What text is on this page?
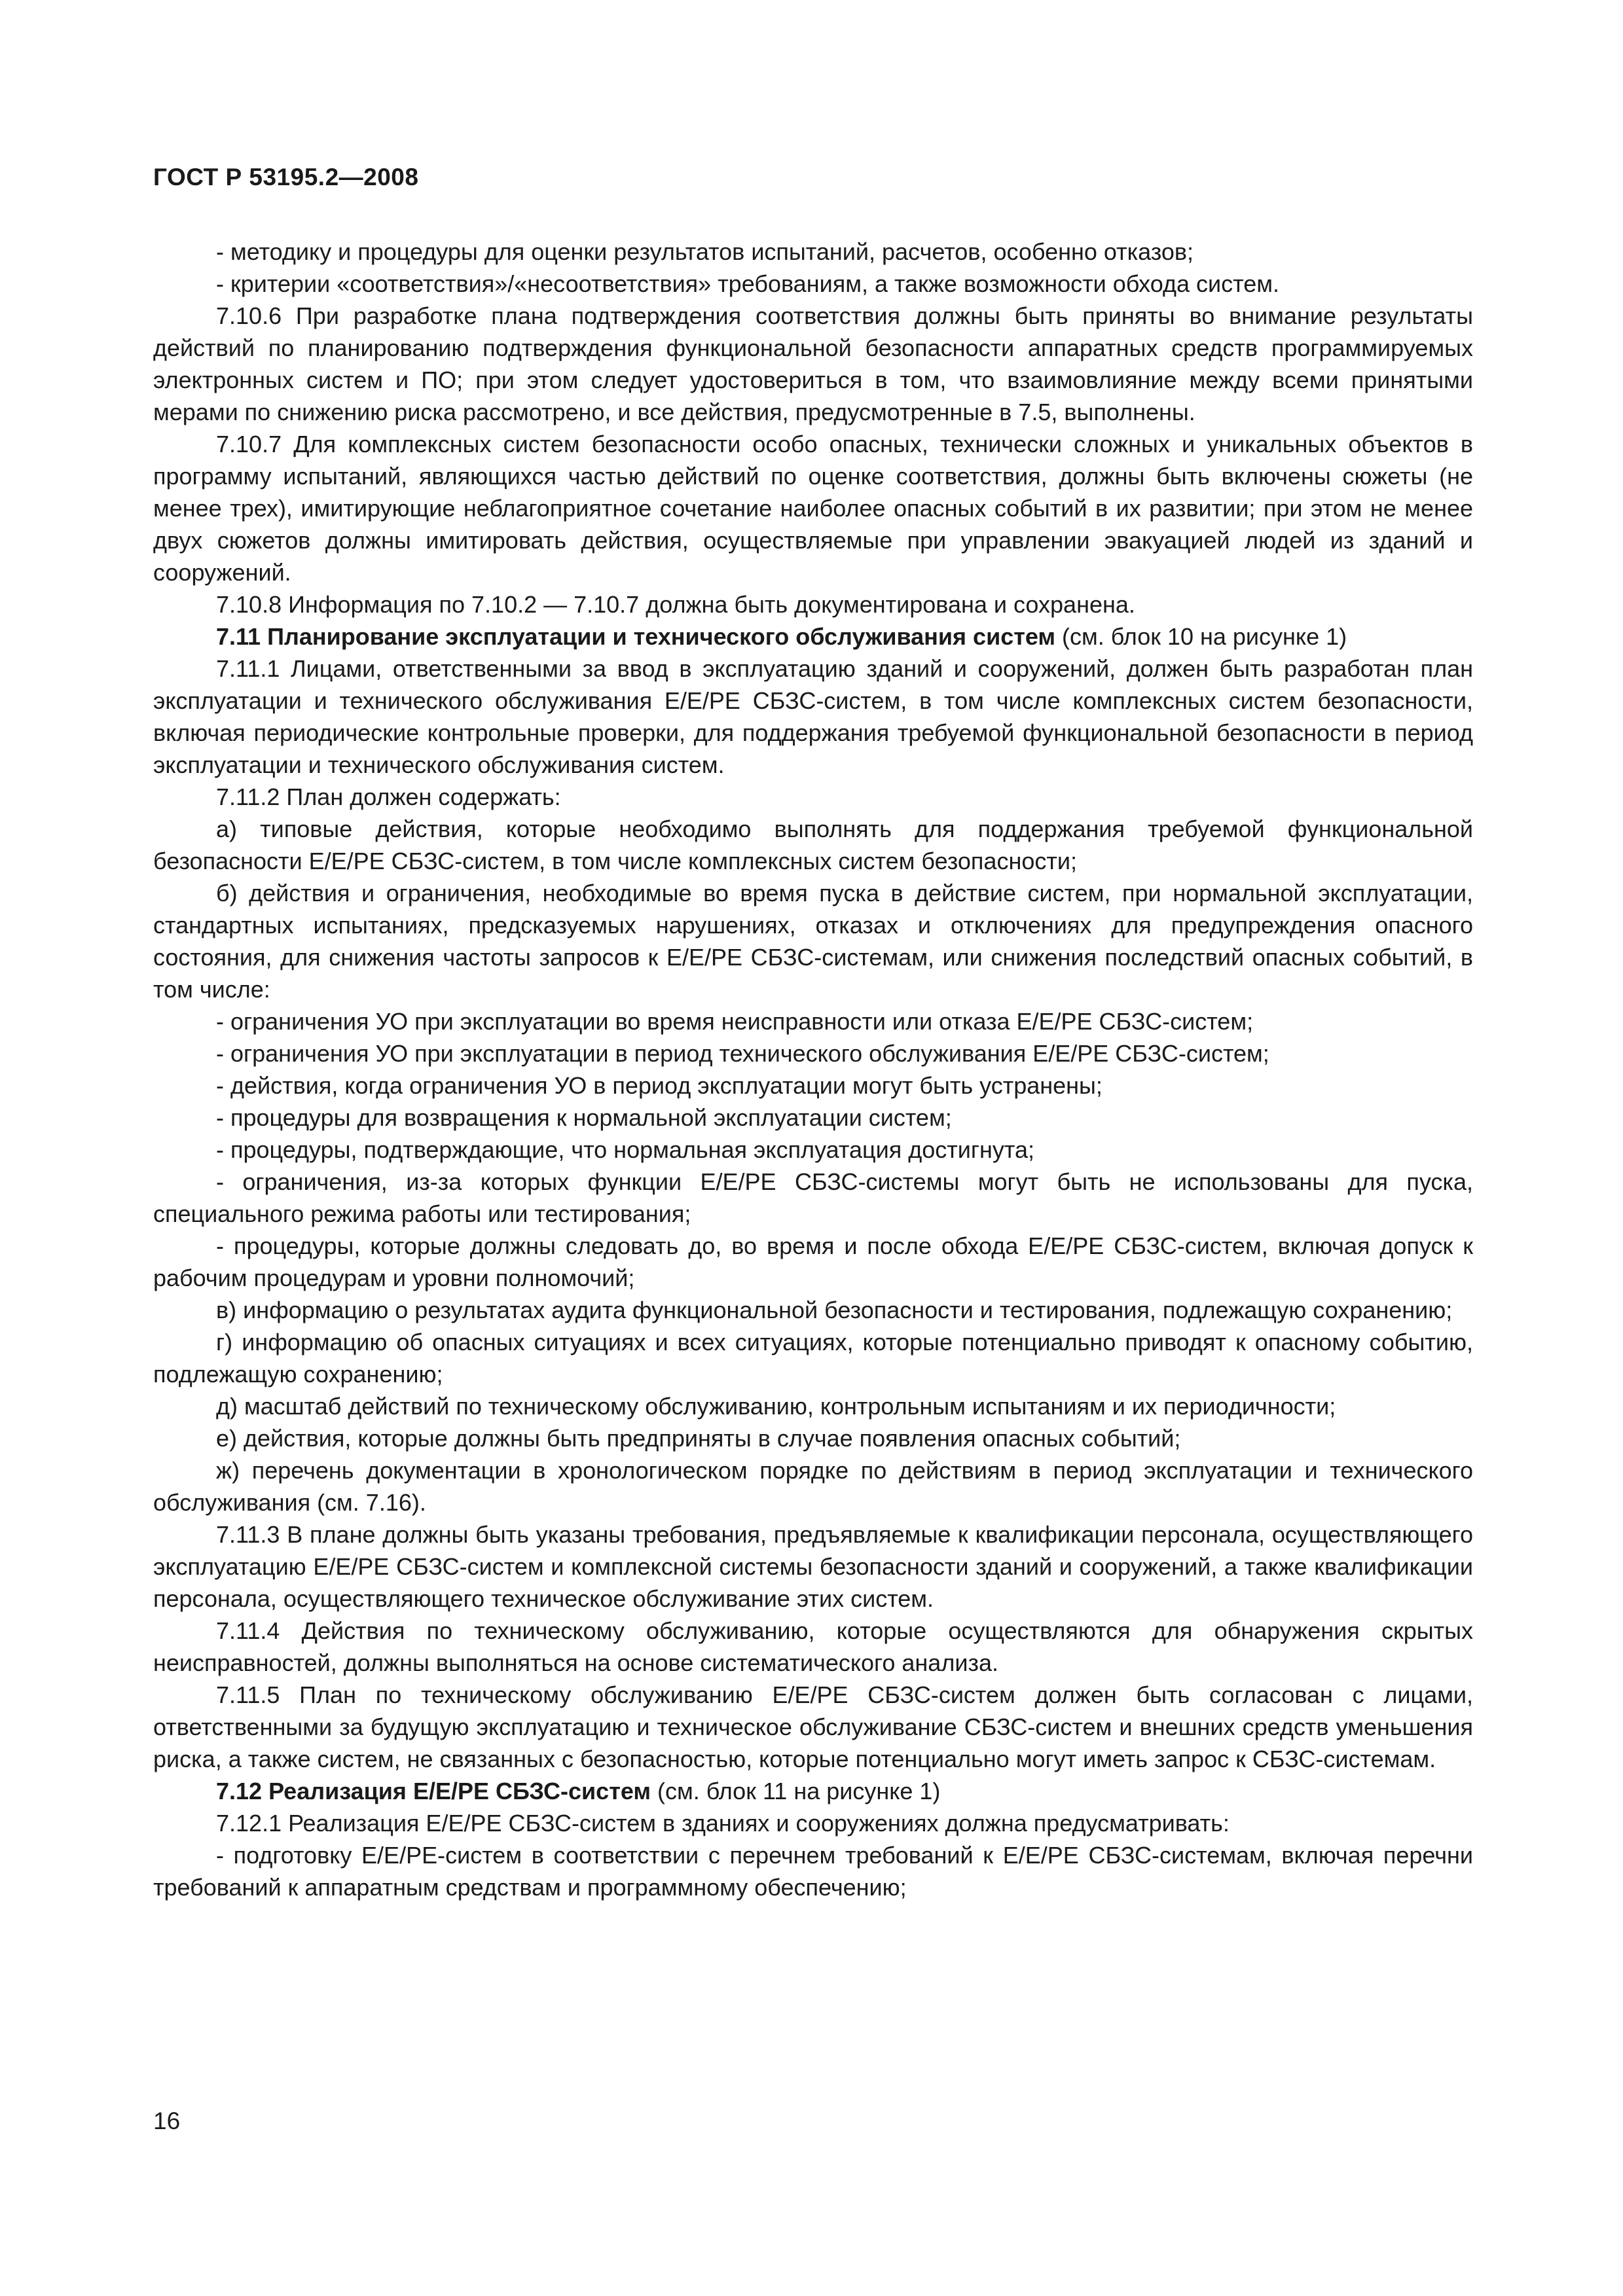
ГОСТ Р 53195.2—2008

- методику и процедуры для оценки результатов испытаний, расчетов, особенно отказов;

- критерии «соответствия»/«несоответствия» требованиям, а также возможности обхода систем.

7.10.6 При разработке плана подтверждения соответствия должны быть приняты во внимание результаты действий по планированию подтверждения функциональной безопасности аппаратных средств программируемых электронных систем и ПО; при этом следует удостовериться в том, что взаимовлияние между всеми принятыми мерами по снижению риска рассмотрено, и все действия, предусмотренные в 7.5, выполнены.

7.10.7 Для комплексных систем безопасности особо опасных, технически сложных и уникальных объектов в программу испытаний, являющихся частью действий по оценке соответствия, должны быть включены сюжеты (не менее трех), имитирующие неблагоприятное сочетание наиболее опасных событий в их развитии; при этом не менее двух сюжетов должны имитировать действия, осуществляемые при управлении эвакуацией людей из зданий и сооружений.

7.10.8 Информация по 7.10.2 — 7.10.7 должна быть документирована и сохранена.

7.11 Планирование эксплуатации и технического обслуживания систем (см. блок 10 на рисунке 1)

7.11.1 Лицами, ответственными за ввод в эксплуатацию зданий и сооружений, должен быть разработан план эксплуатации и технического обслуживания Е/Е/РЕ СБЗС-систем, в том числе комплексных систем безопасности, включая периодические контрольные проверки, для поддержания требуемой функциональной безопасности в период эксплуатации и технического обслуживания систем.

7.11.2 План должен содержать:

а) типовые действия, которые необходимо выполнять для поддержания требуемой функциональной безопасности Е/Е/РЕ СБЗС-систем, в том числе комплексных систем безопасности;

б) действия и ограничения, необходимые во время пуска в действие систем, при нормальной эксплуатации, стандартных испытаниях, предсказуемых нарушениях, отказах и отключениях для предупреждения опасного состояния, для снижения частоты запросов к Е/Е/РЕ СБЗС-системам, или снижения последствий опасных событий, в том числе:

- ограничения УО при эксплуатации во время неисправности или отказа Е/Е/РЕ СБЗС-систем;

- ограничения УО при эксплуатации в период технического обслуживания Е/Е/РЕ СБЗС-систем;

- действия, когда ограничения УО в период эксплуатации могут быть устранены;

- процедуры для возвращения к нормальной эксплуатации систем;

- процедуры, подтверждающие, что нормальная эксплуатация достигнута;

- ограничения, из-за которых функции Е/Е/РЕ СБЗС-системы могут быть не использованы для пуска, специального режима работы или тестирования;

- процедуры, которые должны следовать до, во время и после обхода Е/Е/РЕ СБЗС-систем, включая допуск к рабочим процедурам и уровни полномочий;

в) информацию о результатах аудита функциональной безопасности и тестирования, подлежащую сохранению;

г) информацию об опасных ситуациях и всех ситуациях, которые потенциально приводят к опасному событию, подлежащую сохранению;

д) масштаб действий по техническому обслуживанию, контрольным испытаниям и их периодичности;

е) действия, которые должны быть предприняты в случае появления опасных событий;

ж) перечень документации в хронологическом порядке по действиям в период эксплуатации и технического обслуживания (см. 7.16).

7.11.3 В плане должны быть указаны требования, предъявляемые к квалификации персонала, осуществляющего эксплуатацию Е/Е/РЕ СБЗС-систем и комплексной системы безопасности зданий и сооружений, а также квалификации персонала, осуществляющего техническое обслуживание этих систем.

7.11.4 Действия по техническому обслуживанию, которые осуществляются для обнаружения скрытых неисправностей, должны выполняться на основе систематического анализа.

7.11.5 План по техническому обслуживанию Е/Е/РЕ СБЗС-систем должен быть согласован с лицами, ответственными за будущую эксплуатацию и техническое обслуживание СБЗС-систем и внешних средств уменьшения риска, а также систем, не связанных с безопасностью, которые потенциально могут иметь запрос к СБЗС-системам.

7.12 Реализация Е/Е/РЕ СБЗС-систем (см. блок 11 на рисунке 1)

7.12.1 Реализация Е/Е/РЕ СБЗС-систем в зданиях и сооружениях должна предусматривать:

- подготовку Е/Е/РЕ-систем в соответствии с перечнем требований к Е/Е/РЕ СБЗС-системам, включая перечни требований к аппаратным средствам и программному обеспечению;

16
